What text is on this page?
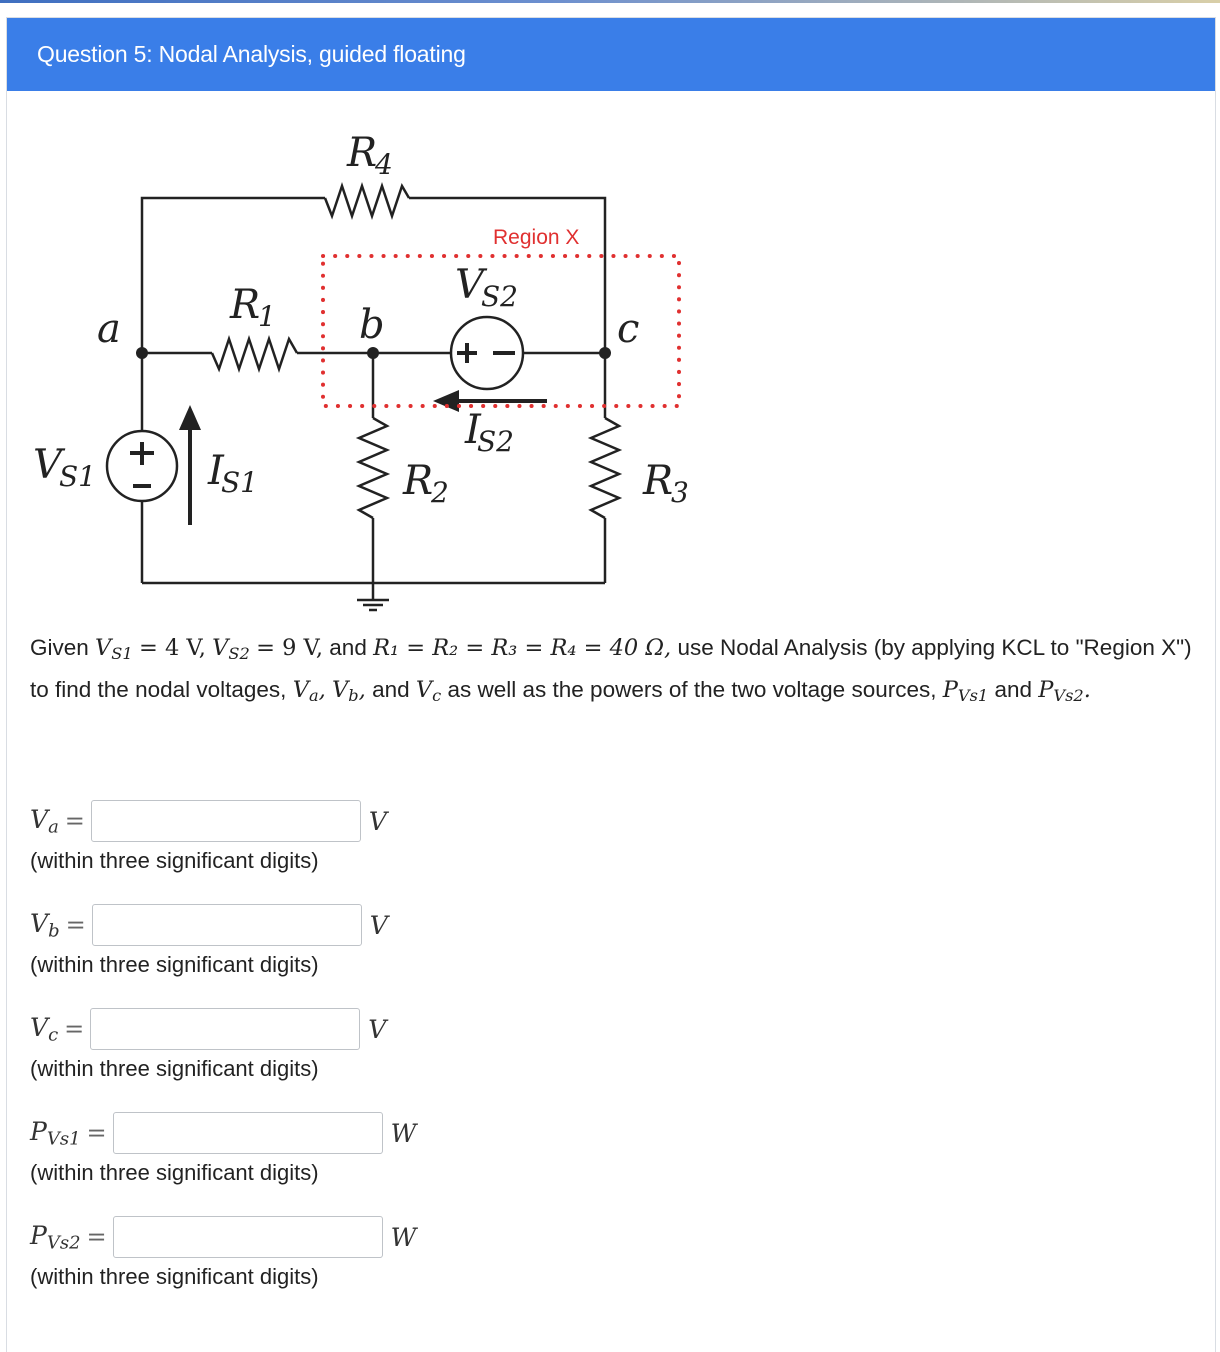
Question 5: Nodal Analysis, guided floating
R
R
a	b	c
V
I
V	I	R	R
4
1
S2
S2
S1	S1	2	3
Region X
Given $V_{S1} = 4$ V, $V_{S2} = 9$ V, and R₁ = R₂ = R₃ = R₄ = 40 Ω, use Nodal Analysis (by applying KCL to "Region X") to find the nodal voltages, $V_a$, $V_b$, and $V_c$ as well as the powers of the two voltage sources, $P_{Vs1}$ and $P_{Vs2}$.
$V_a$ =	V
(within three significant digits)
$V_b$ =	V
(within three significant digits)
$V_c$ =	V
(within three significant digits)
$P_{Vs1}$ =	W
(within three significant digits)
$P_{Vs2}$ =	W
(within three significant digits)
